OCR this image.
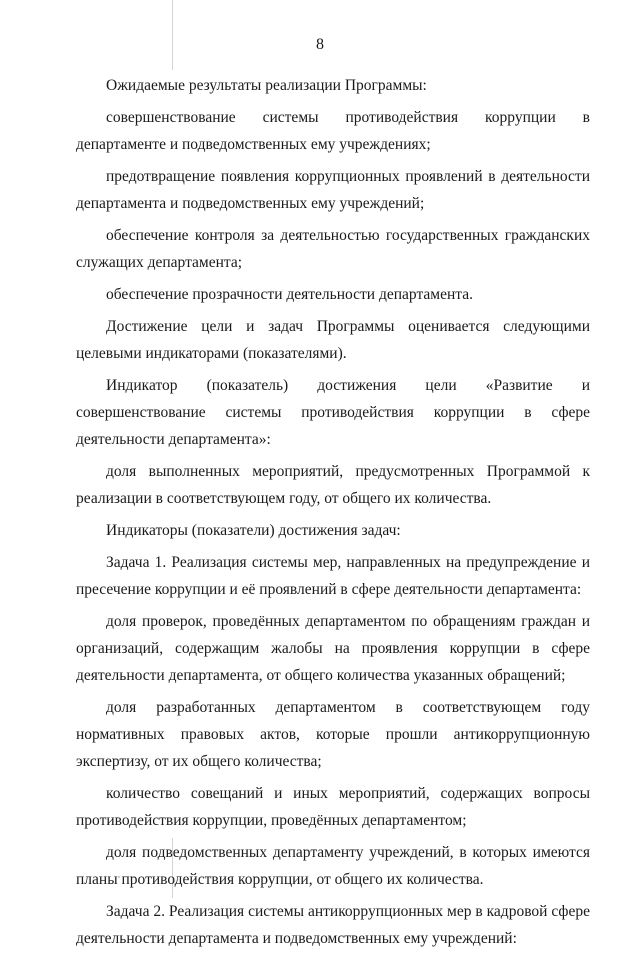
8

Ожидаемые результаты реализации Программы:

совершенствование системы противодействия коррупции в департаменте и подведомственных ему учреждениях;

предотвращение появления коррупционных проявлений в деятельности департамента и подведомственных ему учреждений;

обеспечение контроля за деятельностью государственных гражданских служащих департамента;

обеспечение прозрачности деятельности департамента.

Достижение цели и задач Программы оценивается следующими целевыми индикаторами (показателями).

Индикатор (показатель) достижения цели «Развитие и совершенствование системы противодействия коррупции в сфере деятельности департамента»:

доля выполненных мероприятий, предусмотренных Программой к реализации в соответствующем году, от общего их количества.

Индикаторы (показатели) достижения задач:

Задача 1. Реализация системы мер, направленных на предупреждение и пресечение коррупции и её проявлений в сфере деятельности департамента:

доля проверок, проведённых департаментом по обращениям граждан и организаций, содержащим жалобы на проявления коррупции в сфере деятельности департамента, от общего количества указанных обращений;

доля разработанных департаментом в соответствующем году нормативных правовых актов, которые прошли антикоррупционную экспертизу, от их общего количества;

количество совещаний и иных мероприятий, содержащих вопросы противодействия коррупции, проведённых департаментом;

доля подведомственных департаменту учреждений, в которых имеются планы противодействия коррупции, от общего их количества.

Задача 2. Реализация системы антикоррупционных мер в кадровой сфере деятельности департамента и подведомственных ему учреждений:
